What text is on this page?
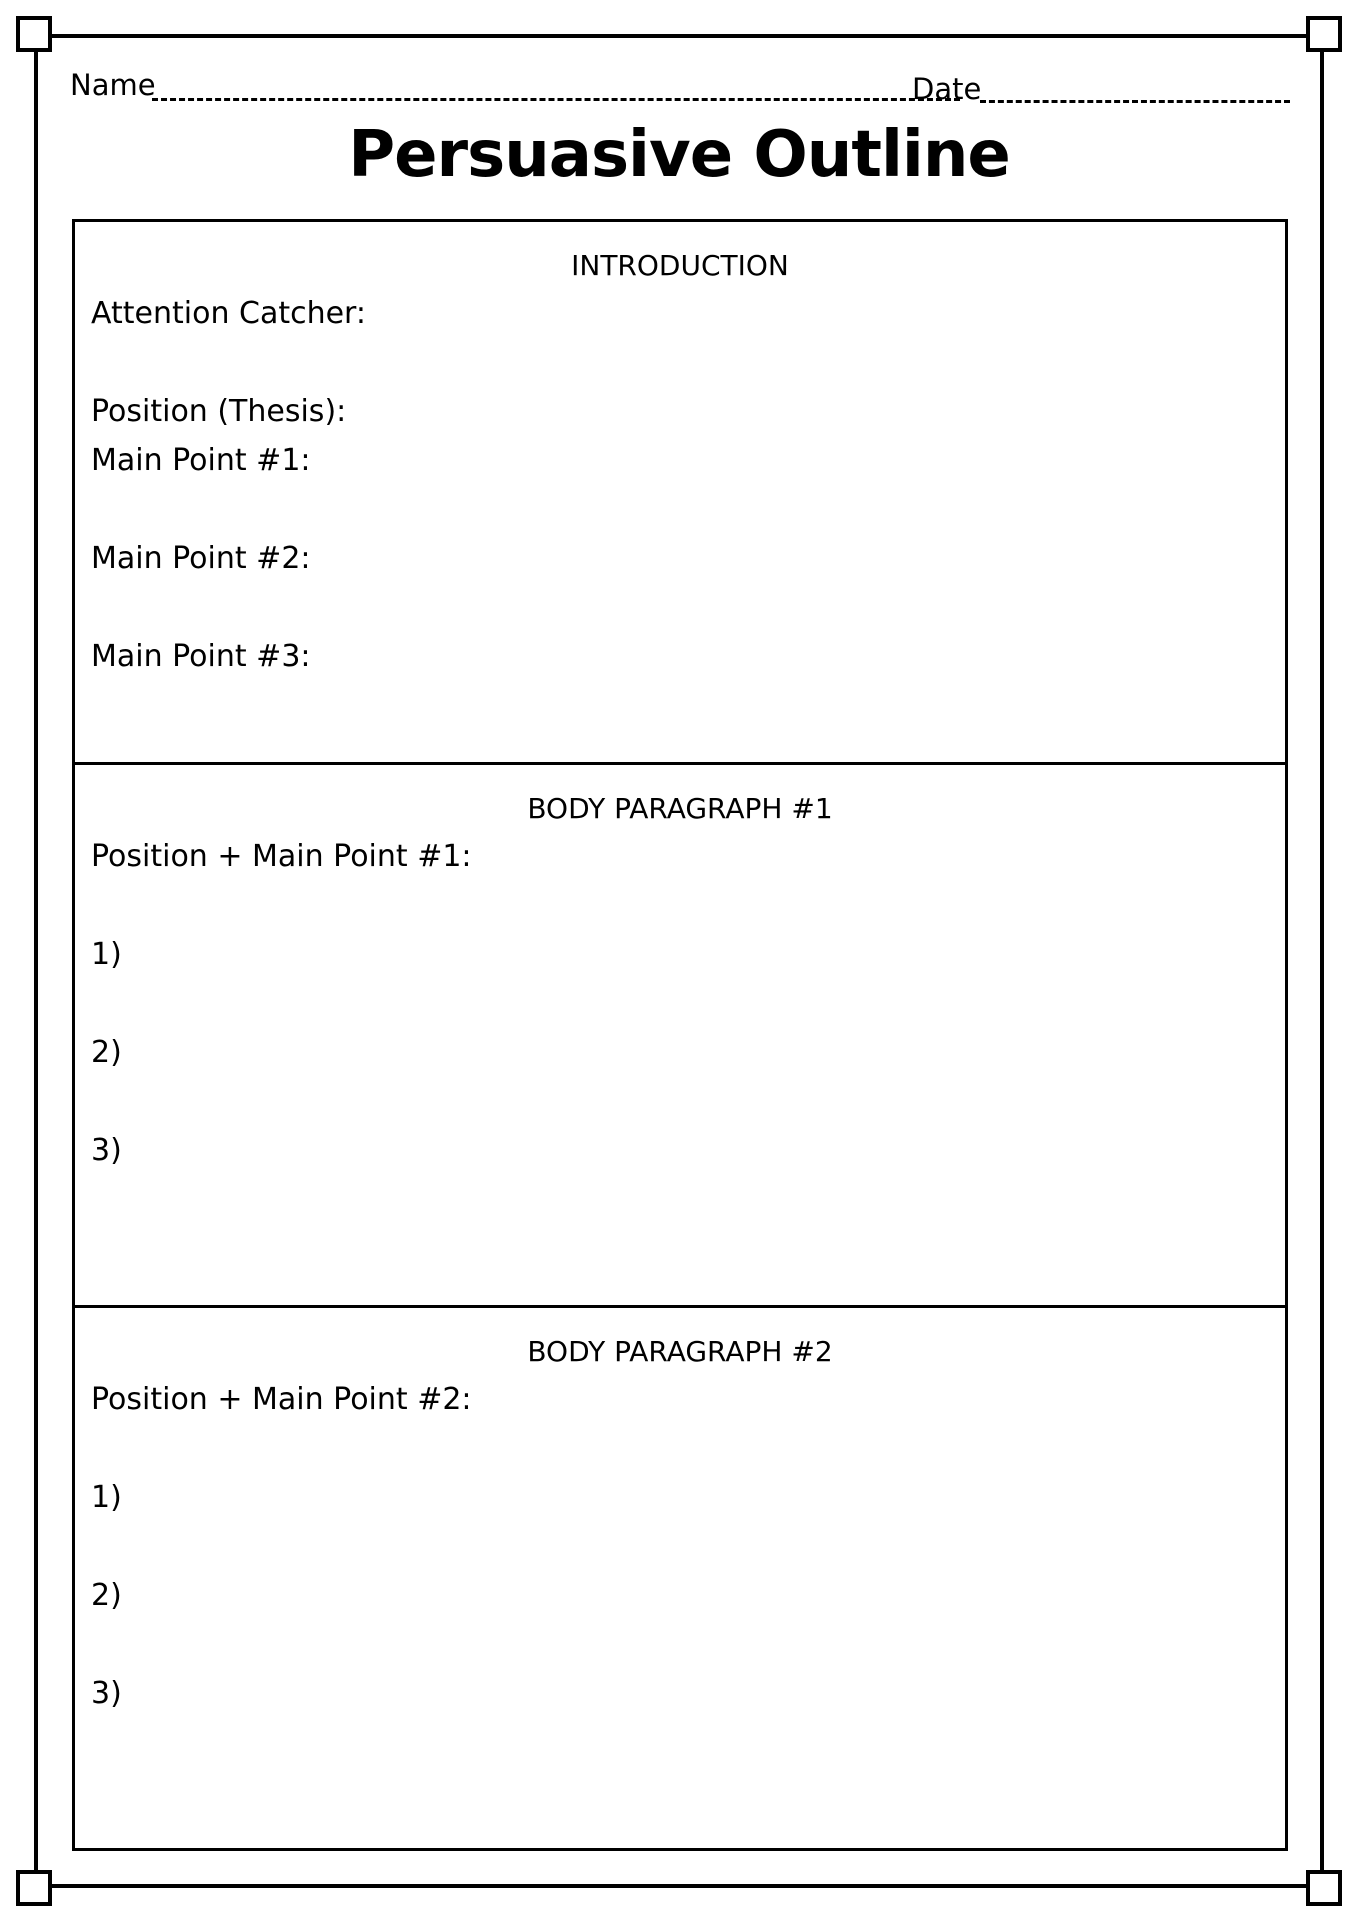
Name	Date
Persuasive Outline
INTRODUCTION
Attention Catcher:
Position (Thesis):
Main Point #1:
Main Point #2:
Main Point #3:
BODY PARAGRAPH #1
Position + Main Point #1:
1)
2)
3)
BODY PARAGRAPH #2
Position + Main Point #2:
1)
2)
3)
